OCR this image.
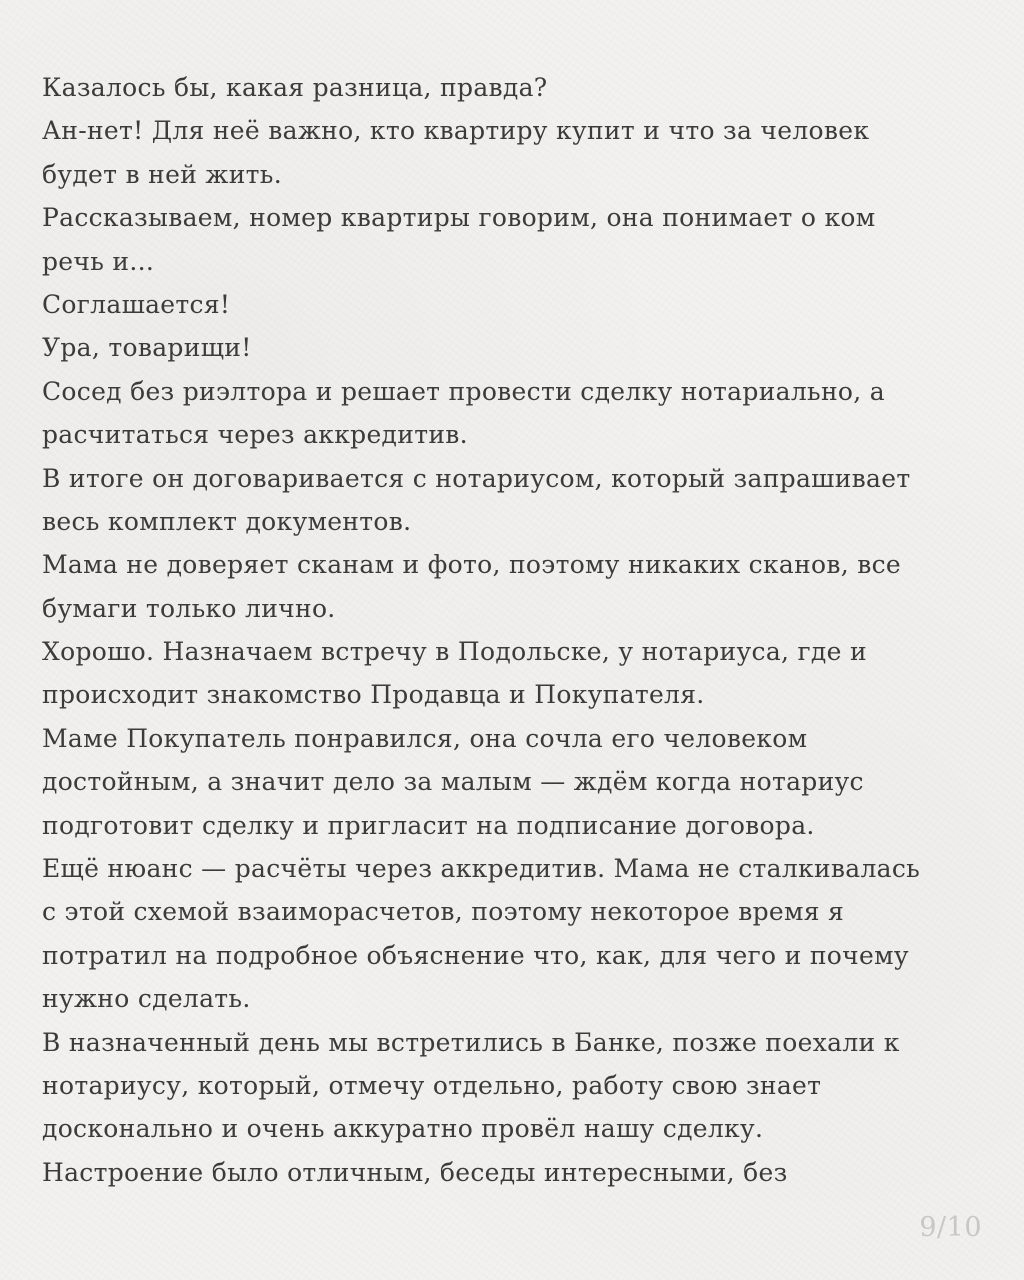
Казалось бы, какая разница, правда?
Ан-нет! Для неё важно, кто квартиру купит и что за человек
будет в ней жить.
Рассказываем, номер квартиры говорим, она понимает о ком
речь и...
Соглашается!
Ура, товарищи!
Сосед без риэлтора и решает провести сделку нотариально, а
расчитаться через аккредитив.
В итоге он договаривается с нотариусом, который запрашивает
весь комплект документов.
Мама не доверяет сканам и фото, поэтому никаких сканов, все
бумаги только лично.
Хорошо. Назначаем встречу в Подольске, у нотариуса, где и
происходит знакомство Продавца и Покупателя.
Маме Покупатель понравился, она сочла его человеком
достойным, а значит дело за малым — ждём когда нотариус
подготовит сделку и пригласит на подписание договора.
Ещё нюанс — расчёты через аккредитив. Мама не сталкивалась
с этой схемой взаиморасчетов, поэтому некоторое время я
потратил на подробное объяснение что, как, для чего и почему
нужно сделать.
В назначенный день мы встретились в Банке, позже поехали к
нотариусу, который, отмечу отдельно, работу свою знает
досконально и очень аккуратно провёл нашу сделку.
Настроение было отличным, беседы интересными, без
9/10
